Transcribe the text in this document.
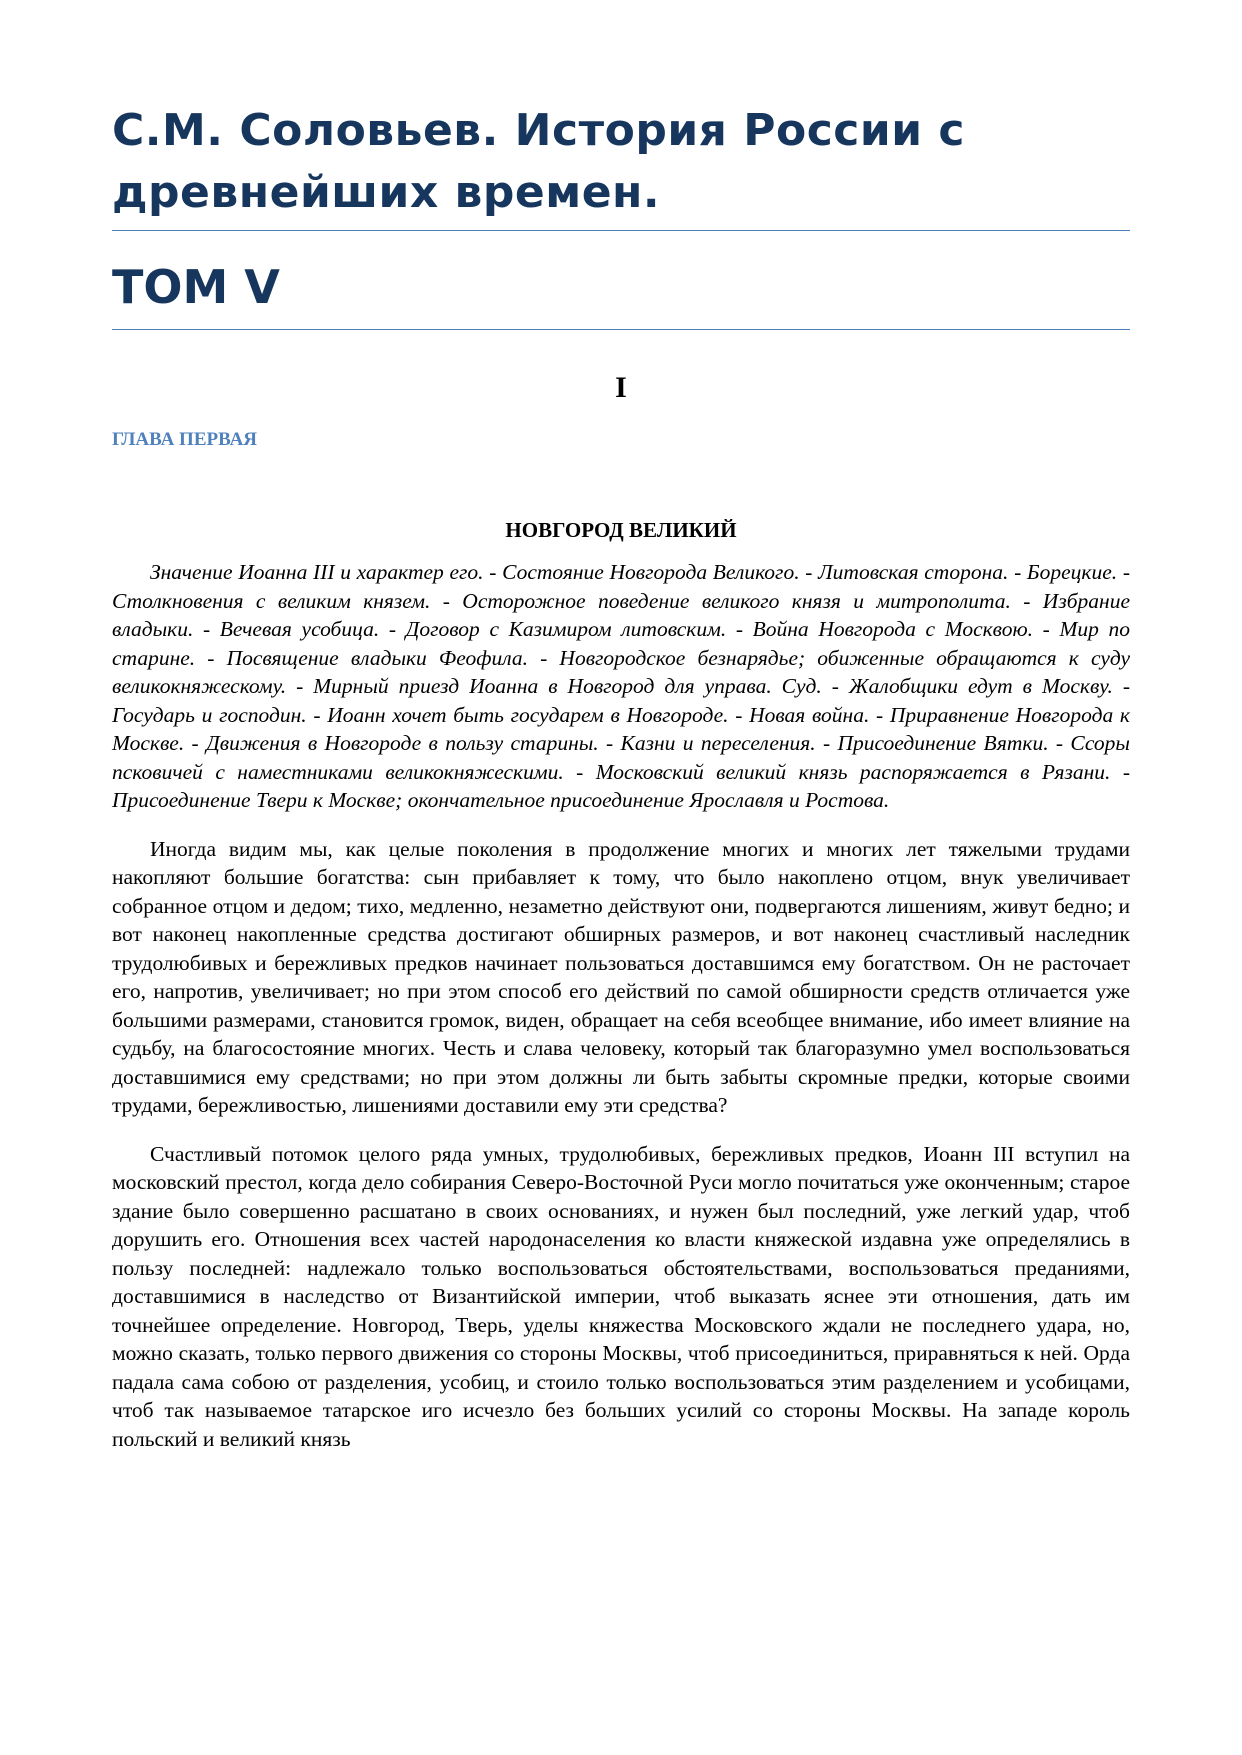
С.М. Соловьев. История России с древнейших времен.
ТОМ V
I
ГЛАВА ПЕРВАЯ
НОВГОРОД ВЕЛИКИЙ

Значение Иоанна III и характер его. - Состояние Новгорода Великого. - Литовская сторона. - Борецкие. - Столкновения с великим князем. - Осторожное поведение великого князя и митрополита. - Избрание владыки. - Вечевая усобица. - Договор с Казимиром литовским. - Война Новгорода с Москвою. - Мир по старине. - Посвящение владыки Феофила. - Новгородское безнарядье; обиженные обращаются к суду великокняжескому. - Мирный приезд Иоанна в Новгород для управа. Суд. - Жалобщики едут в Москву. - Государь и господин. - Иоанн хочет быть государем в Новгороде. - Новая война. - Приравнение Новгорода к Москве. - Движения в Новгороде в пользу старины. - Казни и переселения. - Присоединение Вятки. - Ссоры псковичей с наместниками великокняжескими. - Московский великий князь распоряжается в Рязани. - Присоединение Твери к Москве; окончательное присоединение Ярославля и Ростова.

Иногда видим мы, как целые поколения в продолжение многих и многих лет тяжелыми трудами накопляют большие богатства: сын прибавляет к тому, что было накоплено отцом, внук увеличивает собранное отцом и дедом; тихо, медленно, незаметно действуют они, подвергаются лишениям, живут бедно; и вот наконец накопленные средства достигают обширных размеров, и вот наконец счастливый наследник трудолюбивых и бережливых предков начинает пользоваться доставшимся ему богатством. Он не расточает его, напротив, увеличивает; но при этом способ его действий по самой обширности средств отличается уже большими размерами, становится громок, виден, обращает на себя всеобщее внимание, ибо имеет влияние на судьбу, на благосостояние многих. Честь и слава человеку, который так благоразумно умел воспользоваться доставшимися ему средствами; но при этом должны ли быть забыты скромные предки, которые своими трудами, бережливостью, лишениями доставили ему эти средства?

Счастливый потомок целого ряда умных, трудолюбивых, бережливых предков, Иоанн III вступил на московский престол, когда дело собирания Северо-Восточной Руси могло почитаться уже оконченным; старое здание было совершенно расшатано в своих основаниях, и нужен был последний, уже легкий удар, чтоб дорушить его. Отношения всех частей народонаселения ко власти княжеской издавна уже определялись в пользу последней: надлежало только воспользоваться обстоятельствами, воспользоваться преданиями, доставшимися в наследство от Византийской империи, чтоб выказать яснее эти отношения, дать им точнейшее определение. Новгород, Тверь, уделы княжества Московского ждали не последнего удара, но, можно сказать, только первого движения со стороны Москвы, чтоб присоединиться, приравняться к ней. Орда падала сама собою от разделения, усобиц, и стоило только воспользоваться этим разделением и усобицами, чтоб так называемое татарское иго исчезло без больших усилий со стороны Москвы. На западе король польский и великий князь
